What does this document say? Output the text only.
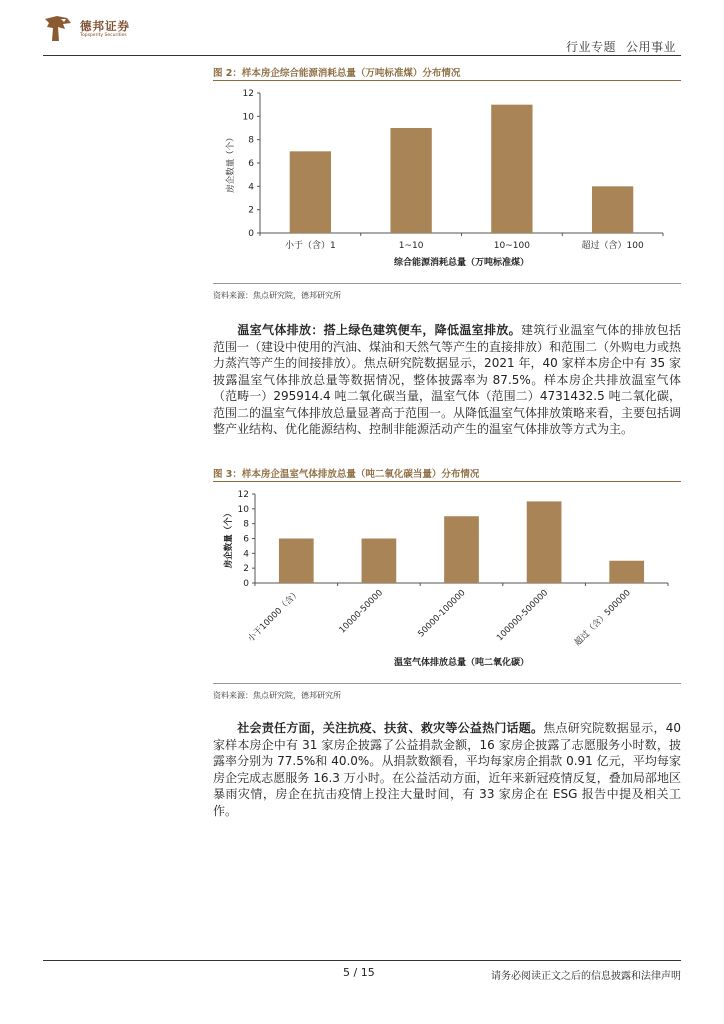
德邦证券
Topsperity Securities
行业专题 公用事业
图 2：样本房企综合能源消耗总量（万吨标准煤）分布情况
0
2
4
6
8
10
12
小于（含）1	1~10	10~100	超过（含）100
房企数量（个）
综合能源消耗总量（万吨标准煤）
资料来源：焦点研究院，德邦研究所
温室气体排放：搭上绿色建筑便车，降低温室排放。建筑行业温室气体的排放包括范围一（建设中使用的汽油、煤油和天然气等产生的直接排放）和范围二（外购电力或热力蒸汽等产生的间接排放）。焦点研究院数据显示，2021 年，40 家样本房企中有 35 家披露温室气体排放总量等数据情况，整体披露率为 87.5%。样本房企共排放温室气体（范畴一）295914.4 吨二氧化碳当量，温室气体（范围二）4731432.5 吨二氧化碳，范围二的温室气体排放总量显著高于范围一。从降低温室气体排放策略来看，主要包括调整产业结构、优化能源结构、控制非能源活动产生的温室气体排放等方式为主。
图 3：样本房企温室气体排放总量（吨二氧化碳当量）分布情况
0
2
4
6
8
10
12
小于10000（含）	10000-50000	50000-100000	100000-500000	超过（含）500000
房企数量（个）
温室气体排放总量（吨二氧化碳）
资料来源：焦点研究院，德邦研究所
社会责任方面，关注抗疫、扶贫、救灾等公益热门话题。焦点研究院数据显示，40 家样本房企中有 31 家房企披露了公益捐款金额，16 家房企披露了志愿服务小时数，披露率分别为 77.5%和 40.0%。从捐款数额看，平均每家房企捐款 0.91 亿元，平均每家房企完成志愿服务 16.3 万小时。在公益活动方面，近年来新冠疫情反复，叠加局部地区暴雨灾情，房企在抗击疫情上投注大量时间，有 33 家房企在 ESG 报告中提及相关工作。
5 / 15	请务必阅读正文之后的信息披露和法律声明
